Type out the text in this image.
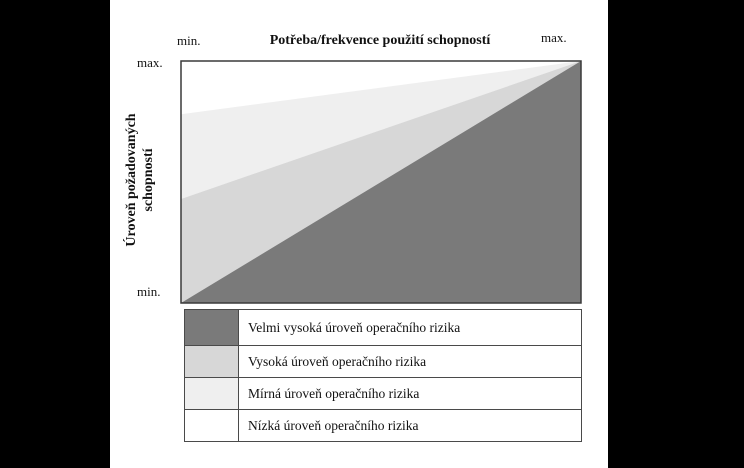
min.	Potřeba/frekvence použití schopností	max.
max.
min.
Úroveň požadovaných schopností
Velmi vysoká úroveň operačního rizika
Vysoká úroveň operačního rizika
Mírná úroveň operačního rizika
Nízká úroveň operačního rizika
